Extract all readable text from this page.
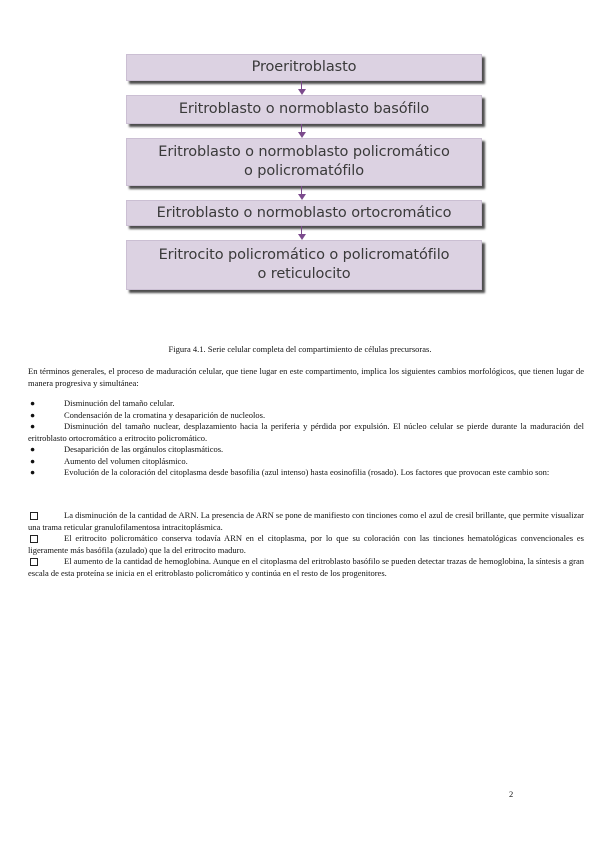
Proeritroblasto
Eritroblasto o normoblasto basófilo
Eritroblasto o normoblasto policromático
o policromatófilo
Eritroblasto o normoblasto ortocromático
Eritrocito policromático o policromatófilo
o reticulocito
Figura 4.1. Serie celular completa del compartimiento de células precursoras.
En términos generales, el proceso de maduración celular, que tiene lugar en este compartimento, implica los siguientes cambios morfológicos, que tienen lugar de manera progresiva y simultánea:
●	Disminución del tamaño celular.
●	Condensación de la cromatina y desaparición de nucleolos.
●	Disminución del tamaño nuclear, desplazamiento hacia la periferia y pérdida por expulsión. El núcleo celular se pierde durante la maduración del eritroblasto ortocromático a eritrocito policromático.
●	Desaparición de las orgánulos citoplasmáticos.
●	Aumento del volumen citoplásmico.
●	Evolución de la coloración del citoplasma desde basofilia (azul intenso) hasta eosinofilia (rosado). Los factores que provocan este cambio son:
La disminución de la cantidad de ARN. La presencia de ARN se pone de manifiesto con tinciones como el azul de cresil brillante, que permite visualizar una trama reticular granulofilamentosa intracitoplásmica.
El eritrocito policromático conserva todavía ARN en el citoplasma, por lo que su coloración con las tinciones hematológicas convencionales es ligeramente más basófila (azulado) que la del eritrocito maduro.
El aumento de la cantidad de hemoglobina. Aunque en el citoplasma del eritroblasto basófilo se pueden detectar trazas de hemoglobina, la síntesis a gran escala de esta proteína se inicia en el eritroblasto policromático y continúa en el resto de los progenitores.
2
